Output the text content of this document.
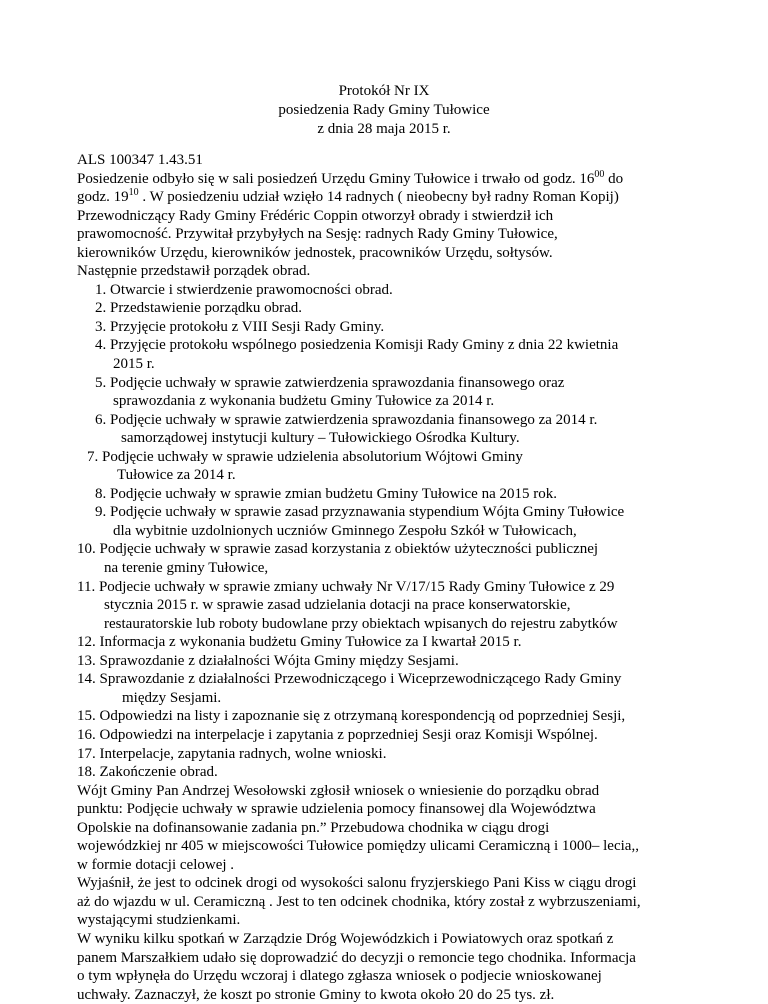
Protokół Nr IX
posiedzenia Rady Gminy Tułowice
z dnia 28 maja 2015 r.
ALS 100347 1.43.51
Posiedzenie odbyło się w sali posiedzeń Urzędu Gminy Tułowice i trwało od godz. $16^{00}$ do
godz. $19^{10}$ . W posiedzeniu udział wzięło 14 radnych ( nieobecny był radny Roman Kopij)
Przewodniczący Rady Gminy Frédéric Coppin otworzył obrady i stwierdził ich
prawomocność. Przywitał przybyłych na Sesję: radnych Rady Gminy Tułowice,
kierowników Urzędu, kierowników jednostek, pracowników Urzędu, sołtysów.
Następnie przedstawił porządek obrad.
1. Otwarcie i stwierdzenie prawomocności obrad.
2. Przedstawienie porządku obrad.
3. Przyjęcie protokołu z VIII Sesji Rady Gminy.
4. Przyjęcie protokołu wspólnego posiedzenia Komisji Rady Gminy z dnia 22 kwietnia
2015 r.
5. Podjęcie uchwały w sprawie zatwierdzenia sprawozdania finansowego oraz
sprawozdania z wykonania budżetu Gminy Tułowice za 2014 r.
6. Podjęcie uchwały w sprawie zatwierdzenia sprawozdania finansowego za 2014 r.
samorządowej instytucji kultury – Tułowickiego Ośrodka Kultury.
7. Podjęcie uchwały w sprawie udzielenia absolutorium Wójtowi Gminy
Tułowice za 2014 r.
8. Podjęcie uchwały w sprawie zmian budżetu Gminy Tułowice na 2015 rok.
9. Podjęcie uchwały w sprawie zasad przyznawania stypendium Wójta Gminy Tułowice
dla wybitnie uzdolnionych uczniów Gminnego Zespołu Szkół w Tułowicach,
10. Podjęcie uchwały w sprawie zasad korzystania z obiektów użyteczności publicznej
na terenie gminy Tułowice,
11. Podjecie uchwały w sprawie zmiany uchwały Nr V/17/15 Rady Gminy Tułowice z 29
stycznia 2015 r. w sprawie zasad udzielania dotacji na prace konserwatorskie,
restauratorskie lub roboty budowlane przy obiektach wpisanych do rejestru zabytków
12. Informacja z wykonania budżetu Gminy Tułowice za I kwartał 2015 r.
13. Sprawozdanie z działalności Wójta Gminy między Sesjami.
14. Sprawozdanie z działalności Przewodniczącego i Wiceprzewodniczącego Rady Gminy
między Sesjami.
15. Odpowiedzi na listy i zapoznanie się z otrzymaną korespondencją od poprzedniej Sesji,
16. Odpowiedzi na interpelacje i zapytania z poprzedniej Sesji oraz Komisji Wspólnej.
17. Interpelacje, zapytania radnych, wolne wnioski.
18. Zakończenie obrad.
Wójt Gminy Pan Andrzej Wesołowski zgłosił wniosek o wniesienie do porządku obrad
punktu: Podjęcie uchwały w sprawie udzielenia pomocy finansowej dla Województwa
Opolskie na dofinansowanie zadania pn.” Przebudowa chodnika w ciągu drogi
wojewódzkiej nr 405 w miejscowości Tułowice pomiędzy ulicami Ceramiczną i 1000– lecia,,
w formie dotacji celowej .
Wyjaśnił, że jest to odcinek drogi od wysokości salonu fryzjerskiego Pani Kiss w ciągu drogi
aż do wjazdu w ul. Ceramiczną . Jest to ten odcinek chodnika, który został z wybrzuszeniami,
wystającymi studzienkami.
W wyniku kilku spotkań w Zarządzie Dróg Wojewódzkich i Powiatowych oraz spotkań z
panem Marszałkiem udało się doprowadzić do decyzji o remoncie tego chodnika. Informacja
o tym wpłynęła do Urzędu wczoraj i dlatego zgłasza wniosek o podjecie wnioskowanej
uchwały. Zaznaczył, że koszt po stronie Gminy to kwota około 20 do 25 tys. zł.
